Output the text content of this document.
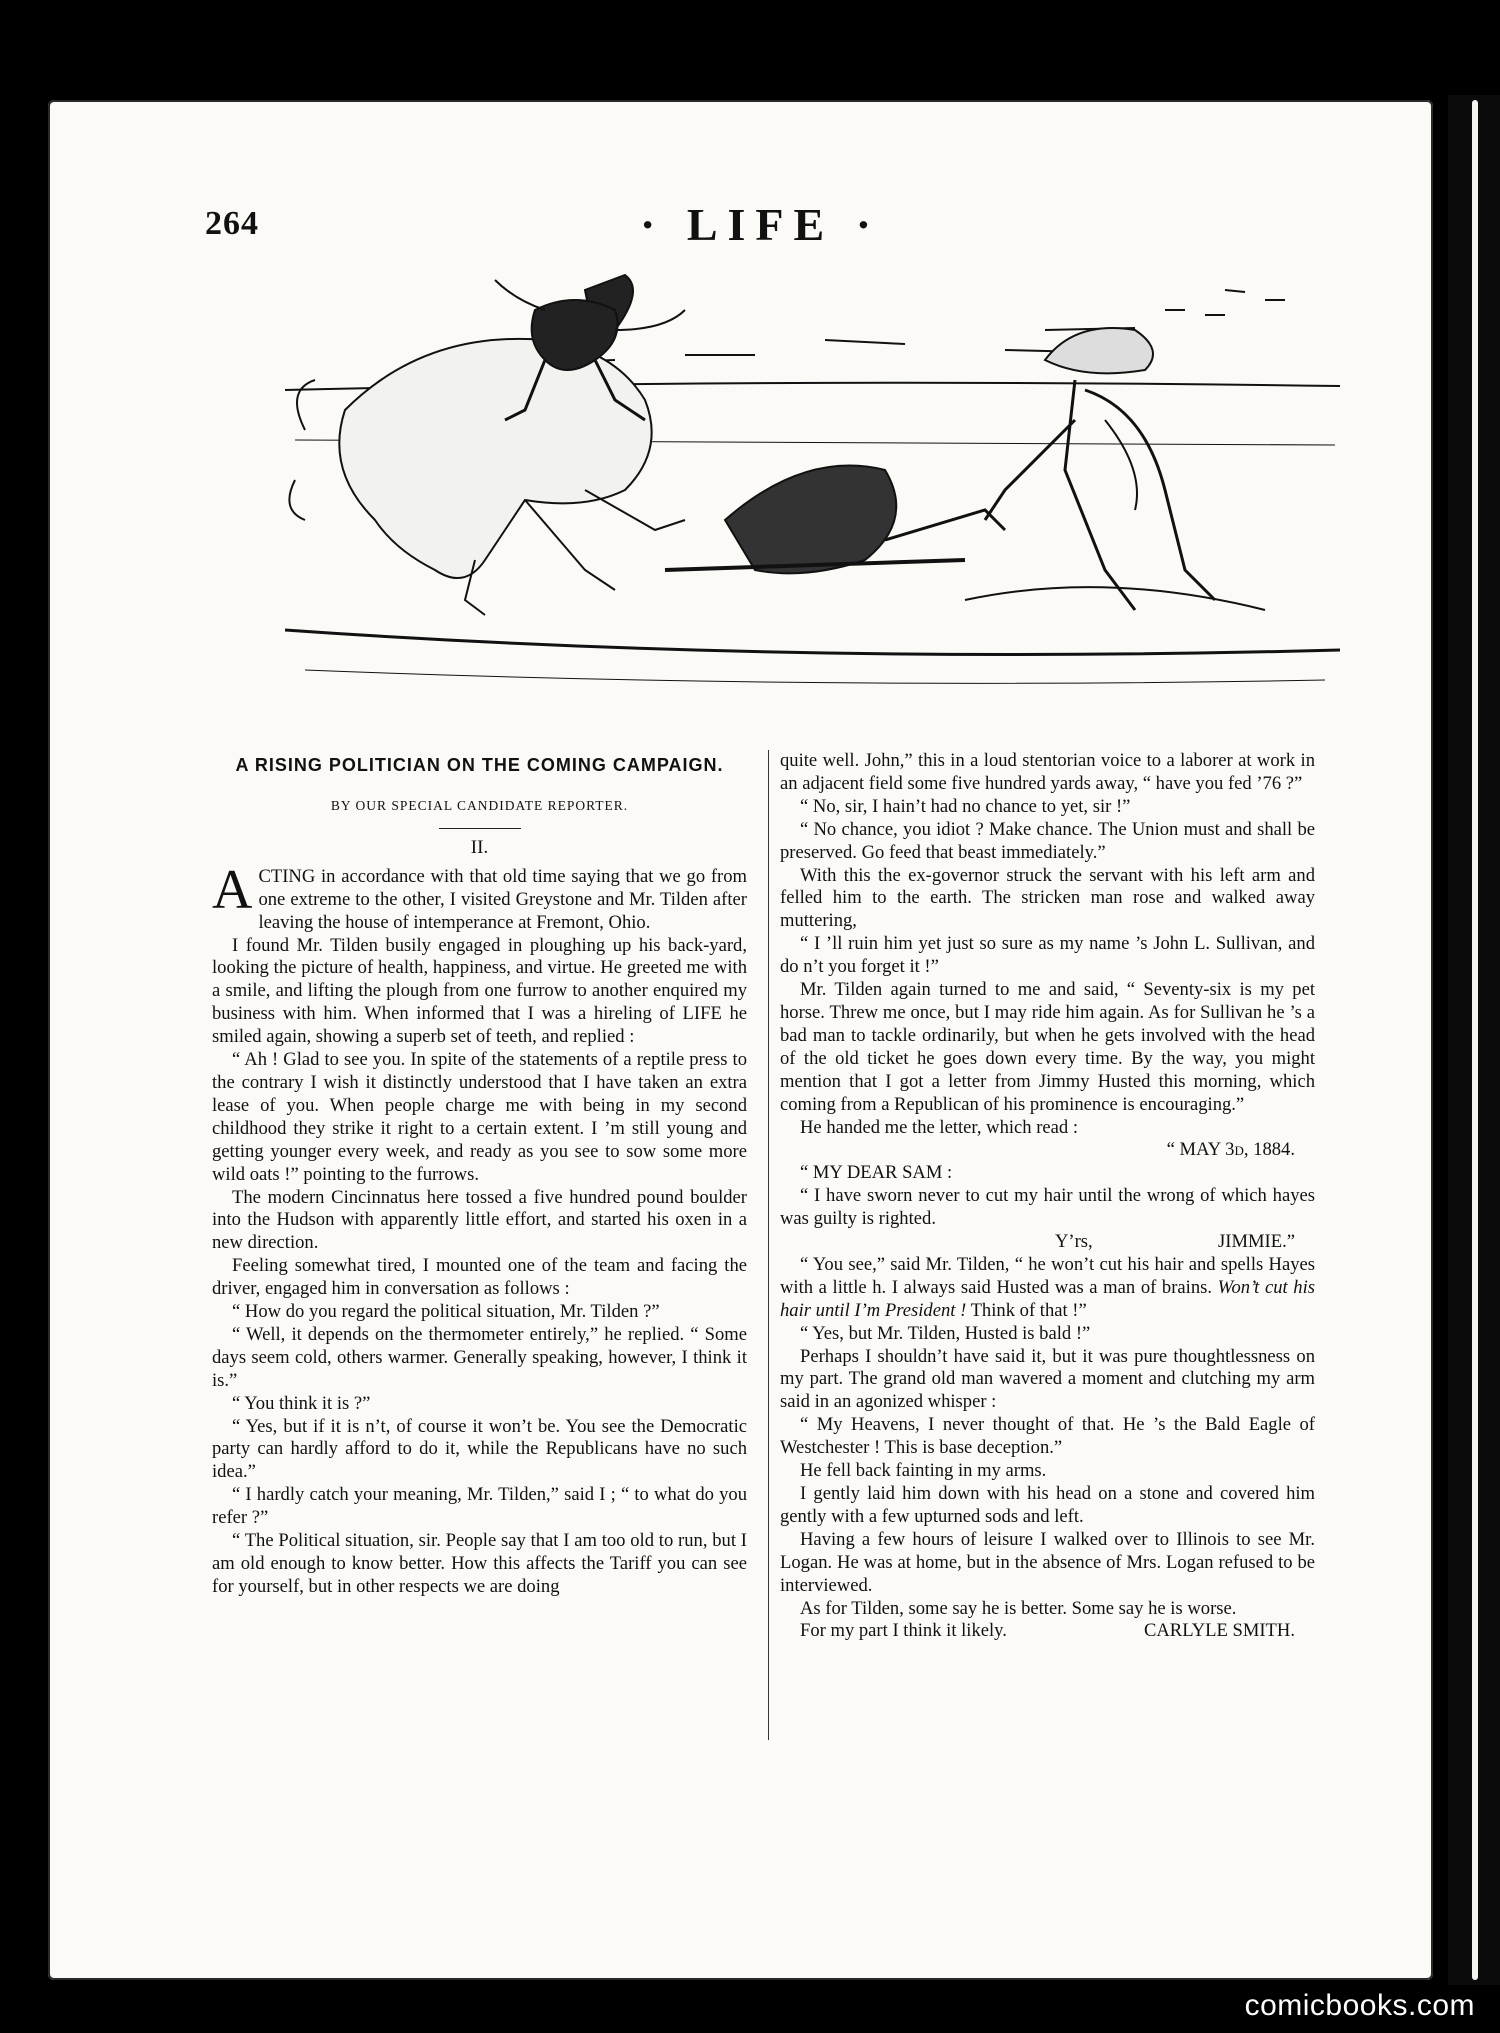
264	· LIFE ·
A RISING POLITICIAN ON THE COMING CAMPAIGN.
BY OUR SPECIAL CANDIDATE REPORTER.
II.

ACTING in accordance with that old time saying that we go from one extreme to the other, I visited Greystone and Mr. Tilden after leaving the house of intemperance at Fremont, Ohio.

I found Mr. Tilden busily engaged in ploughing up his back-yard, looking the picture of health, happiness, and virtue. He greeted me with a smile, and lifting the plough from one furrow to another enquired my business with him. When informed that I was a hireling of LIFE he smiled again, showing a superb set of teeth, and replied :

“ Ah ! Glad to see you. In spite of the statements of a reptile press to the contrary I wish it distinctly understood that I have taken an extra lease of you. When people charge me with being in my second childhood they strike it right to a certain extent. I ’m still young and getting younger every week, and ready as you see to sow some more wild oats !” pointing to the furrows.

The modern Cincinnatus here tossed a five hundred pound boulder into the Hudson with apparently little effort, and started his oxen in a new direction.

Feeling somewhat tired, I mounted one of the team and facing the driver, engaged him in conversation as follows :

“ How do you regard the political situation, Mr. Tilden ?”

“ Well, it depends on the thermometer entirely,” he replied. “ Some days seem cold, others warmer. Generally speaking, however, I think it is.”

“ You think it is ?”

“ Yes, but if it is n’t, of course it won’t be. You see the Democratic party can hardly afford to do it, while the Republicans have no such idea.”

“ I hardly catch your meaning, Mr. Tilden,” said I ; “ to what do you refer ?”

“ The Political situation, sir. People say that I am too old to run, but I am old enough to know better. How this affects the Tariff you can see for yourself, but in other respects we are doing

quite well. John,” this in a loud stentorian voice to a laborer at work in an adjacent field some five hundred yards away, “ have you fed ’76 ?”

“ No, sir, I hain’t had no chance to yet, sir !”

“ No chance, you idiot ? Make chance. The Union must and shall be preserved. Go feed that beast immediately.”

With this the ex-governor struck the servant with his left arm and felled him to the earth. The stricken man rose and walked away muttering,

“ I ’ll ruin him yet just so sure as my name ’s John L. Sullivan, and do n’t you forget it !”

Mr. Tilden again turned to me and said, “ Seventy-six is my pet horse. Threw me once, but I may ride him again. As for Sullivan he ’s a bad man to tackle ordinarily, but when he gets involved with the head of the old ticket he goes down every time. By the way, you might mention that I got a letter from Jimmy Husted this morning, which coming from a Republican of his prominence is encouraging.”

He handed me the letter, which read :

“ MAY 3d, 1884.

“ MY DEAR SAM :

“ I have sworn never to cut my hair until the wrong of which hayes was guilty is righted.

Y’rs,	JIMMIE.”

“ You see,” said Mr. Tilden, “ he won’t cut his hair and spells Hayes with a little h. I always said Husted was a man of brains. Won’t cut his hair until I’m President ! Think of that !”

“ Yes, but Mr. Tilden, Husted is bald !”

Perhaps I shouldn’t have said it, but it was pure thoughtlessness on my part. The grand old man wavered a moment and clutching my arm said in an agonized whisper :

“ My Heavens, I never thought of that. He ’s the Bald Eagle of Westchester ! This is base deception.”

He fell back fainting in my arms.

I gently laid him down with his head on a stone and covered him gently with a few upturned sods and left.

Having a few hours of leisure I walked over to Illinois to see Mr. Logan. He was at home, but in the absence of Mrs. Logan refused to be interviewed.

As for Tilden, some say he is better. Some say he is worse.

For my part I think it likely.	CARLYLE SMITH.
comicbooks.com
